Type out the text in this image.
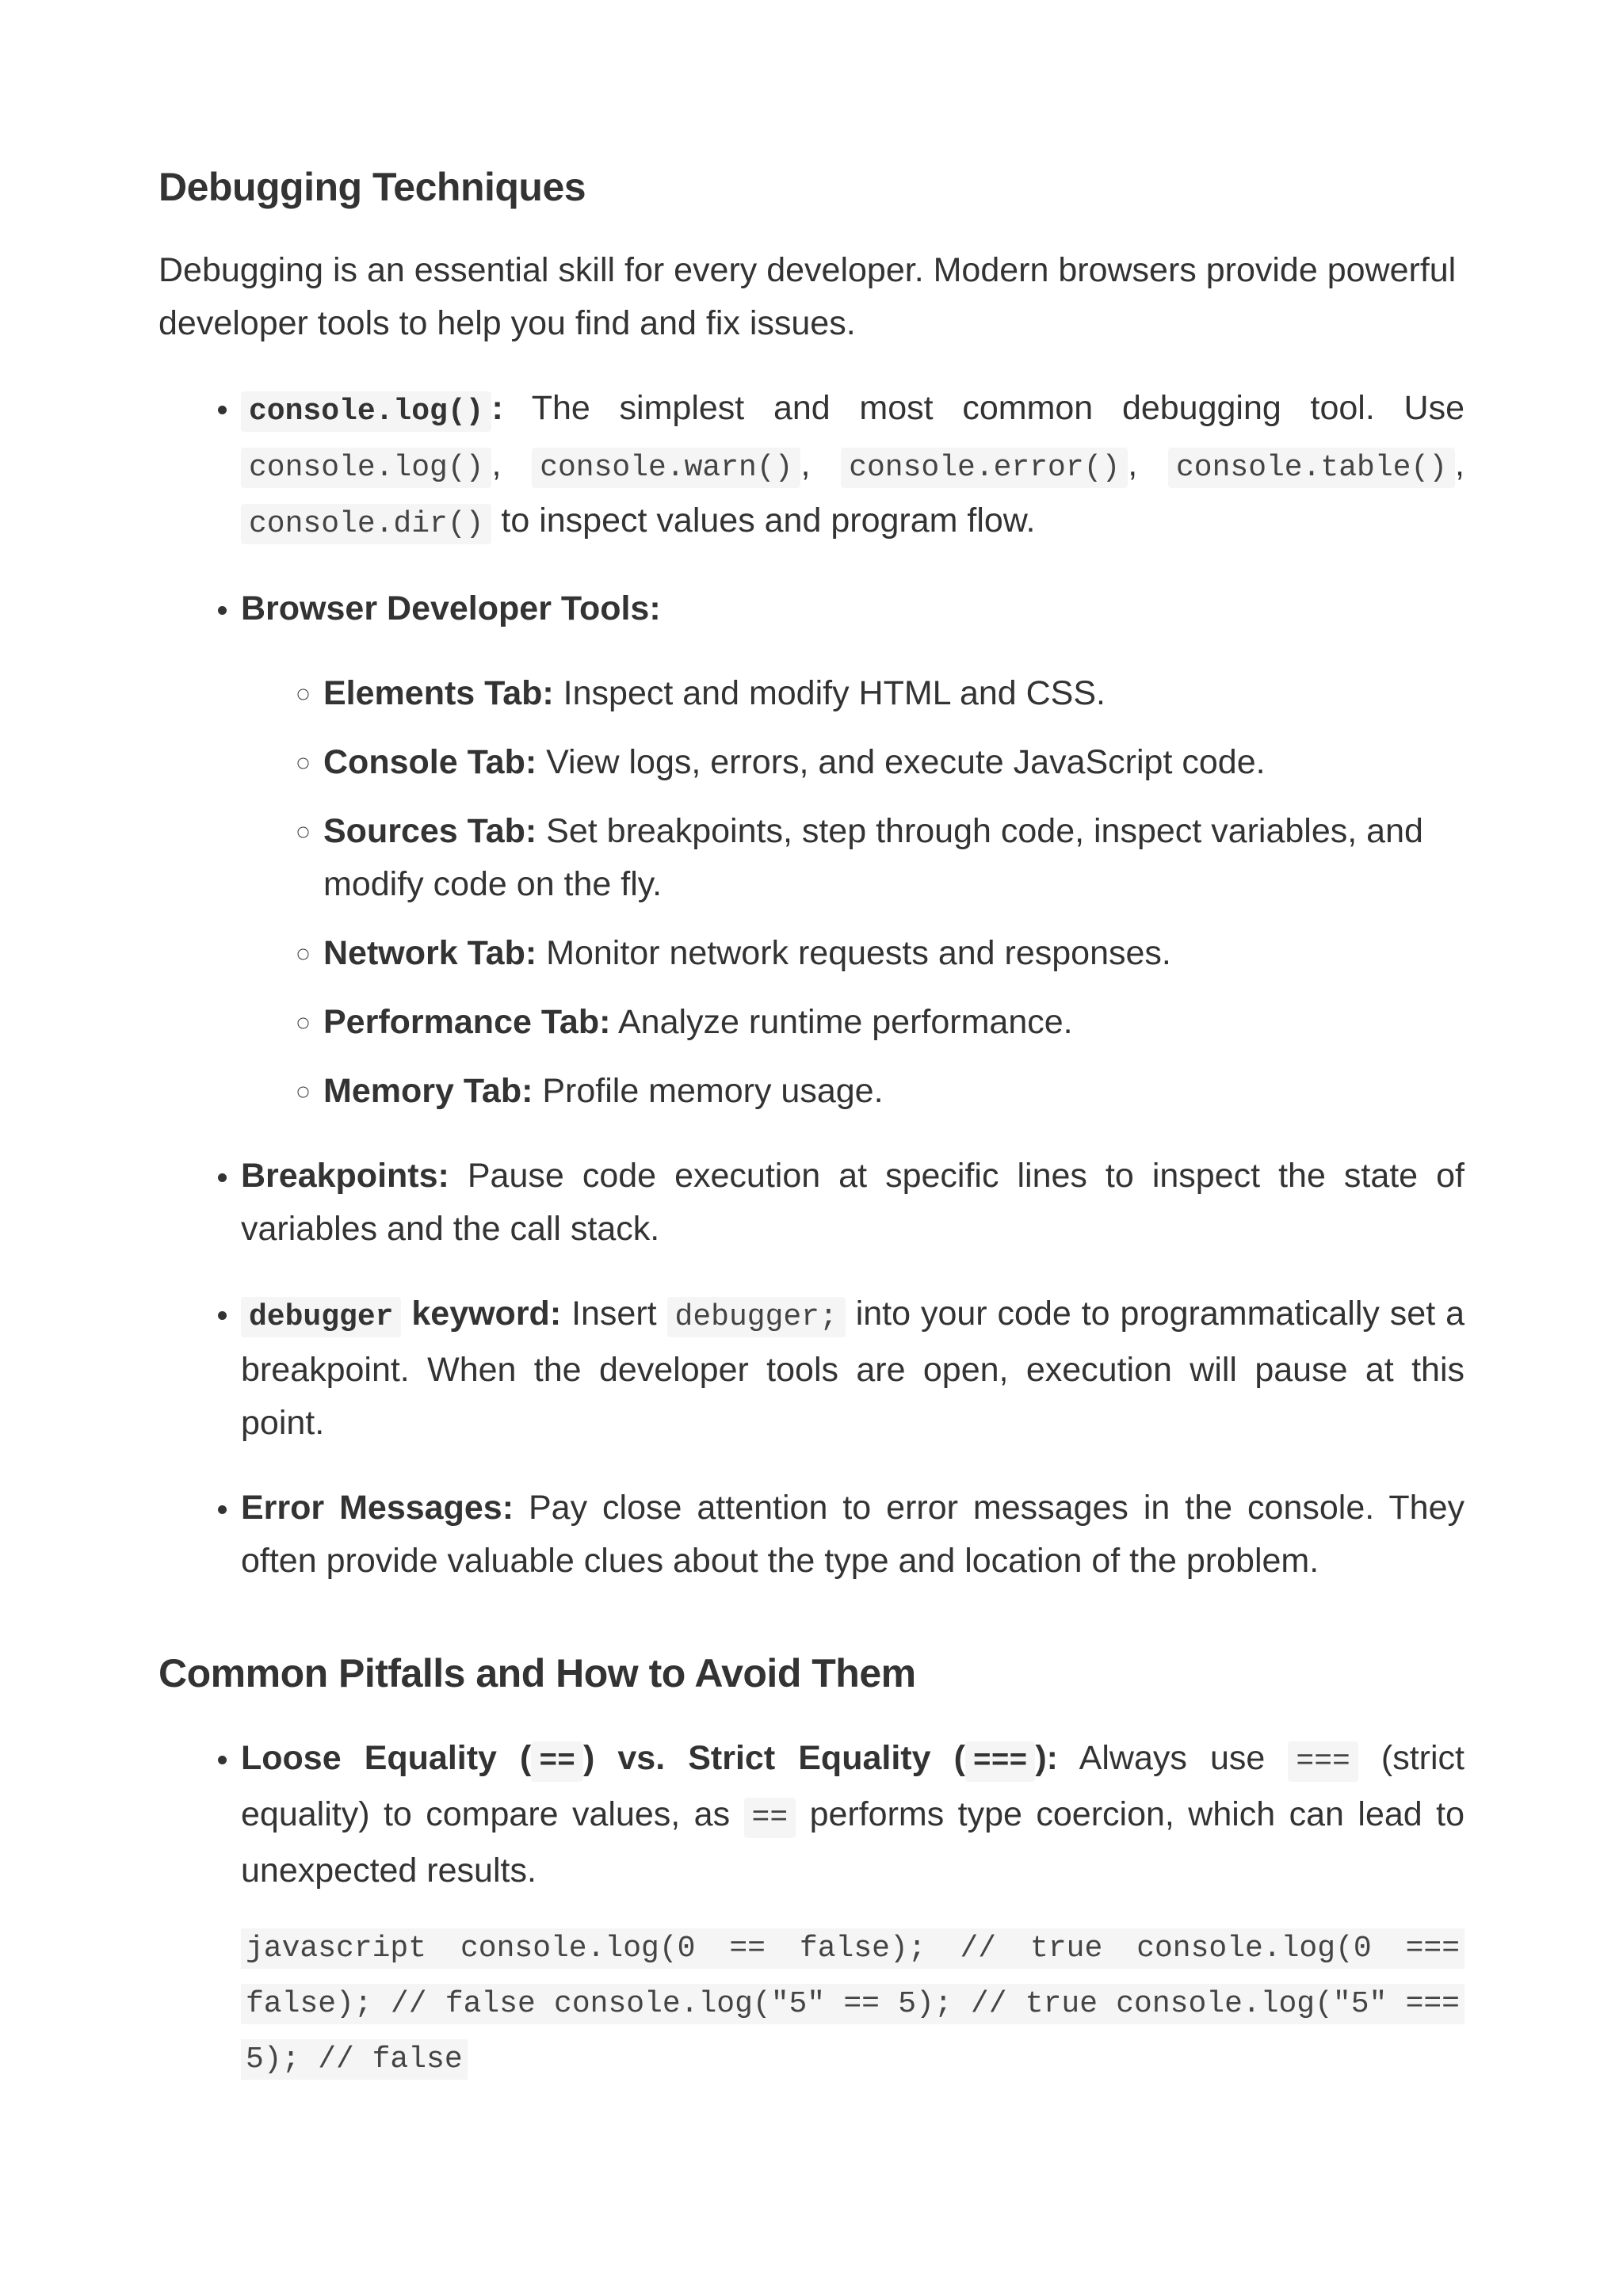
Debugging Techniques

Debugging is an essential skill for every developer. Modern browsers provide powerful developer tools to help you find and fix issues.

• console.log() : The simplest and most common debugging tool. Use console.log() , console.warn() , console.error() , console.table() , console.dir() to inspect values and program flow.
• Browser Developer Tools:
◦ Elements Tab: Inspect and modify HTML and CSS.
◦ Console Tab: View logs, errors, and execute JavaScript code.
◦ Sources Tab: Set breakpoints, step through code, inspect variables, and modify code on the fly.
◦ Network Tab: Monitor network requests and responses.
◦ Performance Tab: Analyze runtime performance.
◦ Memory Tab: Profile memory usage.
• Breakpoints: Pause code execution at specific lines to inspect the state of variables and the call stack.
• debugger keyword: Insert debugger; into your code to programmatically set a breakpoint. When the developer tools are open, execution will pause at this point.
• Error Messages: Pay close attention to error messages in the console. They often provide valuable clues about the type and location of the problem.
Common Pitfalls and How to Avoid Them
• Loose Equality ( == ) vs. Strict Equality ( === ): Always use === (strict equality) to compare values, as == performs type coercion, which can lead to unexpected results.
javascript console.log(0 == false); // true console.log(0 === false); // false console.log("5" == 5); // true console.log("5" === 5); // false
